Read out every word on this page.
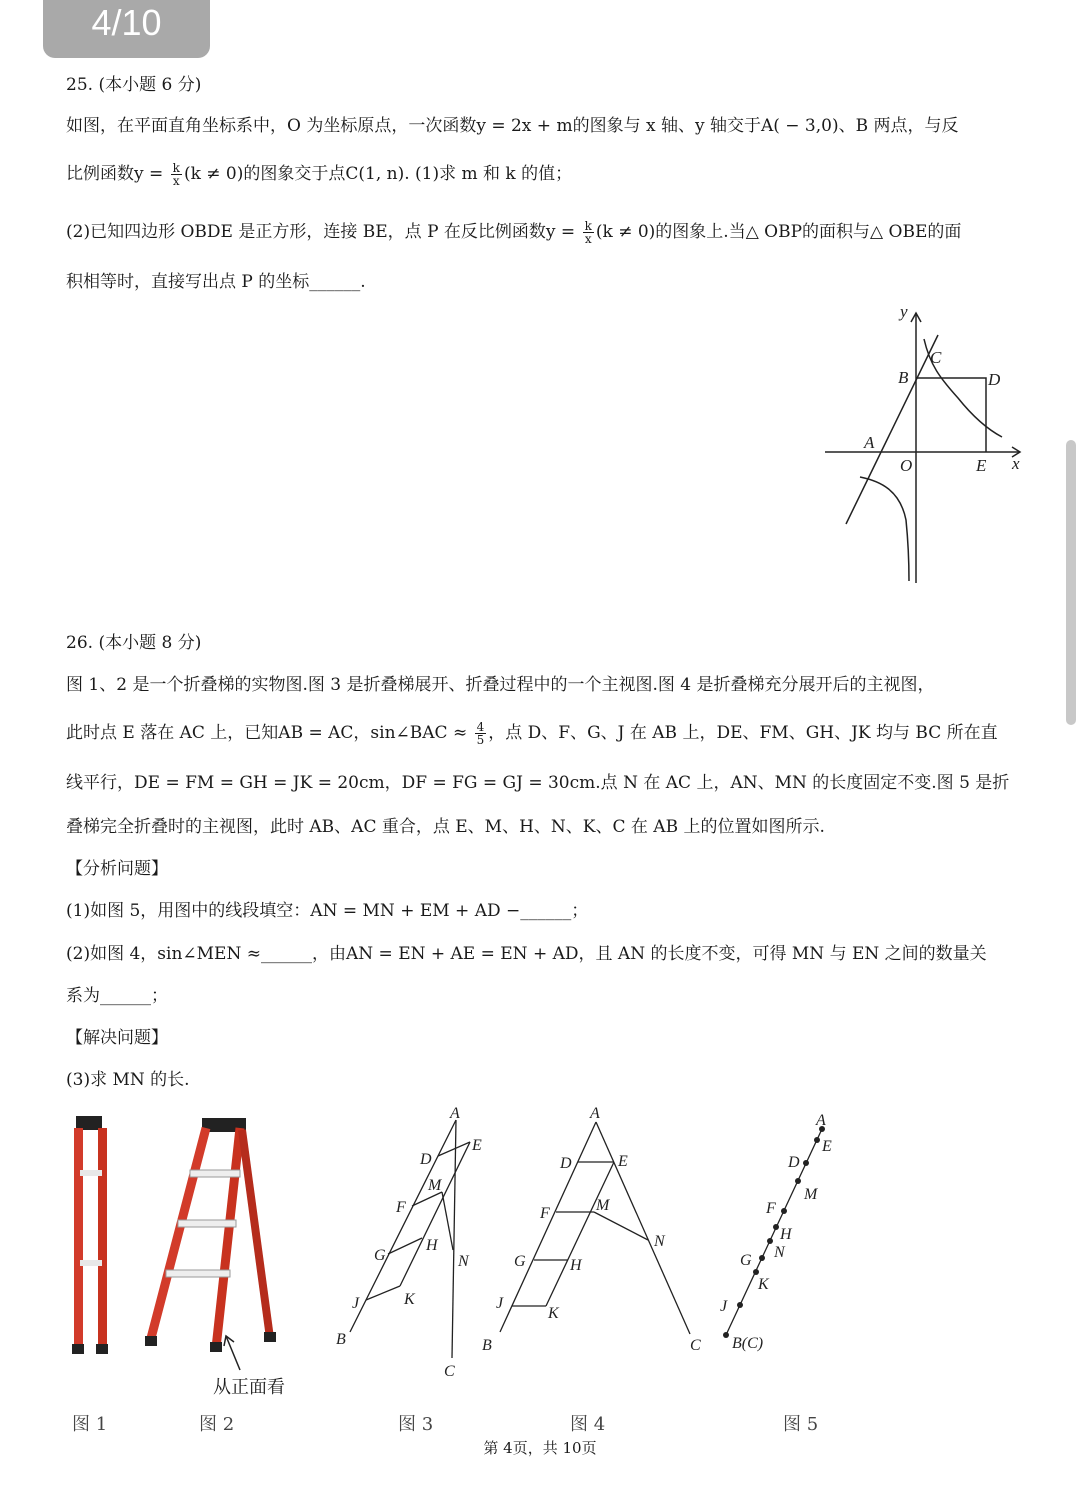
4/10
25. (本小题 6 分)
如图，在平面直角坐标系中，O 为坐标原点，一次函数y = 2x + m的图象与 x 轴、y 轴交于A( − 3,0)、B 两点，与反
比例函数$y = \frac{k}{x} (k \ne 0)$的图象交于点C(1, n). (1)求 m 和 k 的值；
(2)已知四边形 OBDE 是正方形，连接 BE，点 P 在反比例函数$y = \frac{k}{x} (k \ne 0)$的图象上.当△ OBP的面积与△ OBE的面
积相等时，直接写出点 P 的坐标______.
y
x
B
C
D
A
O	E
26. (本小题 8 分)
图 1、2 是一个折叠梯的实物图.图 3 是折叠梯展开、折叠过程中的一个主视图.图 4 是折叠梯充分展开后的主视图，
此时点 E 落在 AC 上，已知AB = AC，sin∠BAC ≈ $\frac{4}{5}$ ，点 D、F、G、J 在 AB 上，DE、FM、GH、JK 均与 BC 所在直
线平行，DE = FM = GH = JK = 20cm，DF = FG = GJ = 30cm.点 N 在 AC 上，AN、MN 的长度固定不变.图 5 是折
叠梯完全折叠时的主视图，此时 AB、AC 重合，点 E、M、H、N、K、C 在 AB 上的位置如图所示.
【分析问题】
(1)如图 5，用图中的线段填空：AN = MN + EM + AD −______；
(2)如图 4，sin∠MEN ≈______，由AN = EN + AE = EN + AD，且 AN 的长度不变，可得 MN 与 EN 之间的数量关
系为______；
【解决问题】
(3)求 MN 的长.
从正面看
A
D
E
M
F
G
H
N
J	K
B
C
A
D	E
F	M
N
G	H
J
K
B	C
A
E
D
M
F
H
G N
K
J
B(C)
图 1	图 2	图 3	图 4	图 5
第 4页，共 10页
